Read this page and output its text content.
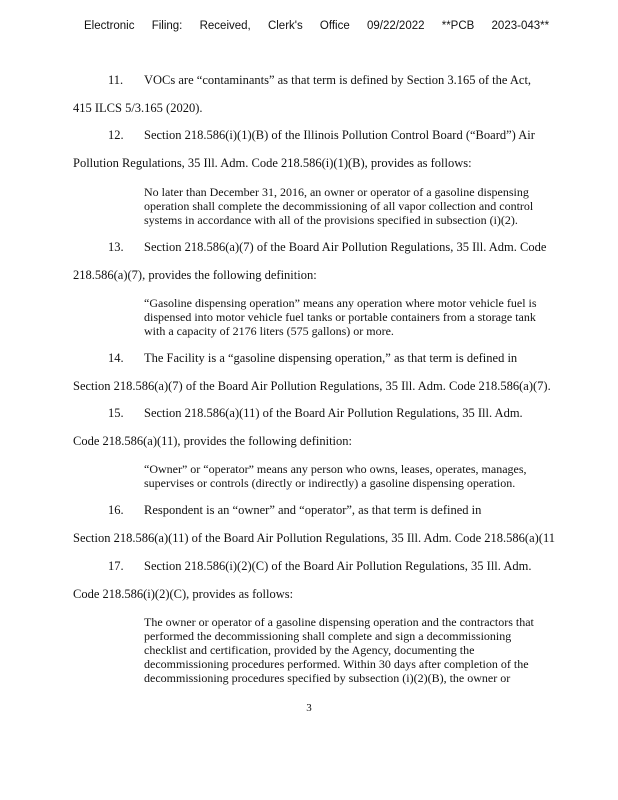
Electronic Filing: Received, Clerk's Office 09/22/2022 **PCB 2023-043**
11. VOCs are “contaminants” as that term is defined by Section 3.165 of the Act,
415 ILCS 5/3.165 (2020).
12. Section 218.586(i)(1)(B) of the Illinois Pollution Control Board (“Board”) Air
Pollution Regulations, 35 Ill. Adm. Code 218.586(i)(1)(B), provides as follows:

No later than December 31, 2016, an owner or operator of a gasoline dispensing

operation shall complete the decommissioning of all vapor collection and control

systems in accordance with all of the provisions specified in subsection (i)(2).

13. Section 218.586(a)(7) of the Board Air Pollution Regulations, 35 Ill. Adm. Code
218.586(a)(7), provides the following definition:

“Gasoline dispensing operation” means any operation where motor vehicle fuel is

dispensed into motor vehicle fuel tanks or portable containers from a storage tank

with a capacity of 2176 liters (575 gallons) or more.

14. The Facility is a “gasoline dispensing operation,” as that term is defined in
Section 218.586(a)(7) of the Board Air Pollution Regulations, 35 Ill. Adm. Code 218.586(a)(7).
15. Section 218.586(a)(11) of the Board Air Pollution Regulations, 35 Ill. Adm.
Code 218.586(a)(11), provides the following definition:

“Owner” or “operator” means any person who owns, leases, operates, manages,

supervises or controls (directly or indirectly) a gasoline dispensing operation.

16. Respondent is an “owner” and “operator”, as that term is defined in
Section 218.586(a)(11) of the Board Air Pollution Regulations, 35 Ill. Adm. Code 218.586(a)(11
17. Section 218.586(i)(2)(C) of the Board Air Pollution Regulations, 35 Ill. Adm.
Code 218.586(i)(2)(C), provides as follows:

The owner or operator of a gasoline dispensing operation and the contractors that

performed the decommissioning shall complete and sign a decommissioning

checklist and certification, provided by the Agency, documenting the

decommissioning procedures performed. Within 30 days after completion of the

decommissioning procedures specified by subsection (i)(2)(B), the owner or

3
